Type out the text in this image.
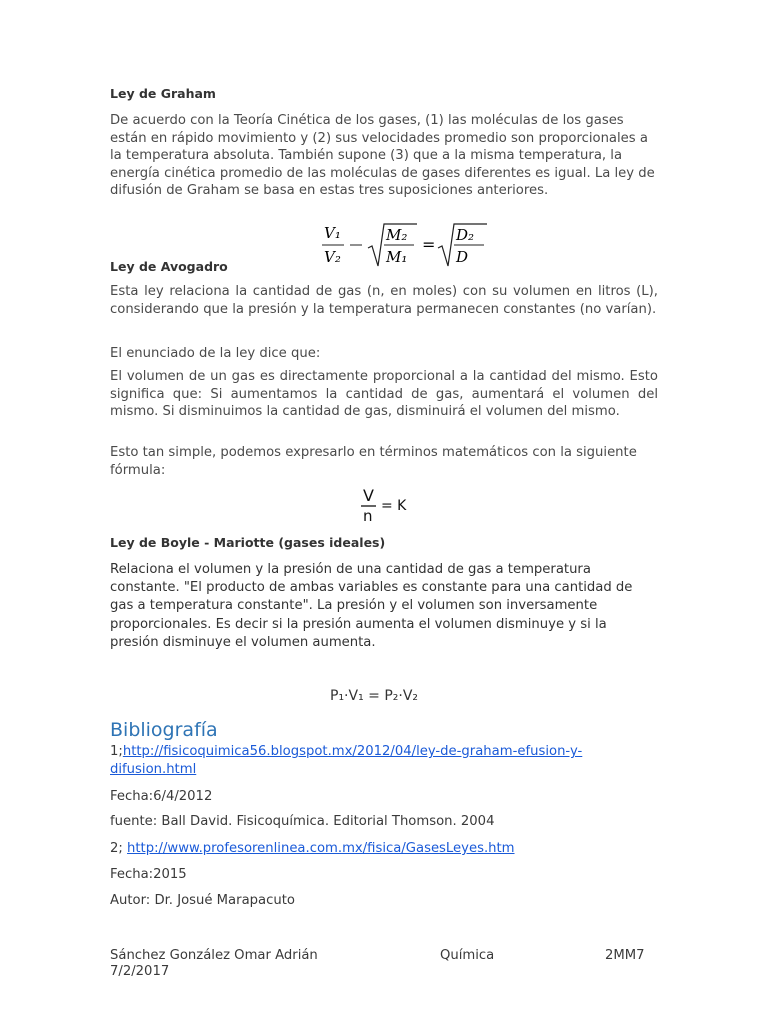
Ley de Graham
De acuerdo con la Teoría Cinética de los gases, (1) las moléculas de los gases están en rápido movimiento y (2) sus velocidades promedio son proporcionales a la temperatura absoluta. También supone (3) que a la misma temperatura, la energía cinética promedio de las moléculas de gases diferentes es igual. La ley de difusión de Graham se basa en estas tres suposiciones anteriores.
V₁
V₂
M₂
M₁
= D₂
D
Ley de Avogadro
Esta ley relaciona la cantidad de gas (n, en moles) con su volumen en litros (L), considerando que la presión y la temperatura permanecen constantes (no varían).
El enunciado de la ley dice que:
El volumen de un gas es directamente proporcional a la cantidad del mismo. Esto significa que: Si aumentamos la cantidad de gas, aumentará el volumen del mismo. Si disminuimos la cantidad de gas, disminuirá el volumen del mismo.
Esto tan simple, podemos expresarlo en términos matemáticos con la siguiente fórmula:
V
n
= K
Ley de Boyle - Mariotte (gases ideales)
Relaciona el volumen y la presión de una cantidad de gas a temperatura constante. "El producto de ambas variables es constante para una cantidad de gas a temperatura constante". La presión y el volumen son inversamente proporcionales. Es decir si la presión aumenta el volumen disminuye y si la presión disminuye el volumen aumenta.
P₁·V₁ = P₂·V₂
Bibliografía
1;http://fisicoquimica56.blogspot.mx/2012/04/ley-de-graham-efusion-y-
difusion.html
Fecha:6/4/2012
fuente: Ball David. Fisicoquímica. Editorial Thomson. 2004
2; http://www.profesorenlinea.com.mx/fisica/GasesLeyes.htm
Fecha:2015
Autor: Dr. Josué Marapacuto
Sánchez González Omar Adrián	Química	2MM7
7/2/2017
